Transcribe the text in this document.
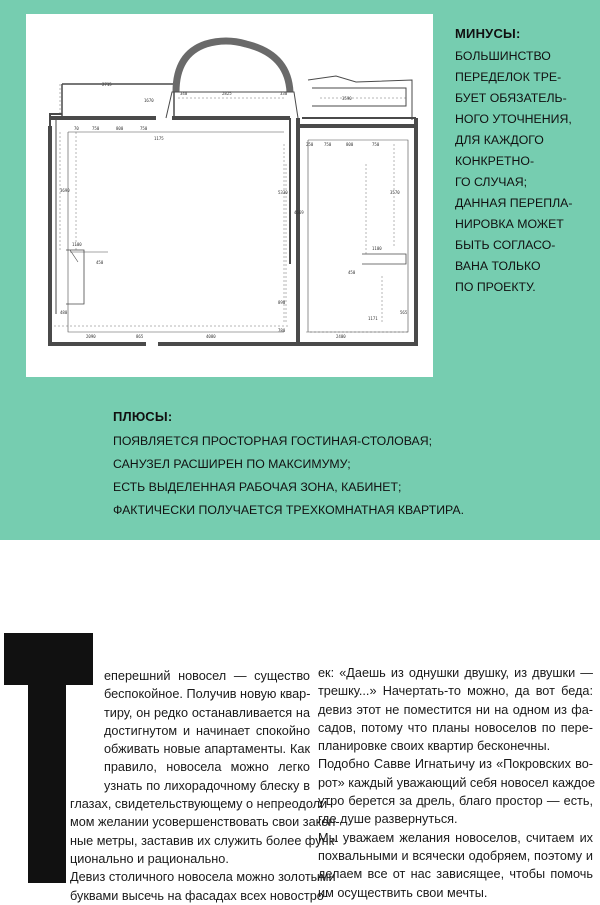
2715
1670
340	2825	330
3590
70	750	800	750
1175
250	750	800	750
3690	5330
4669
3570
1100
450
1100
450
480	565
890
780
1171
2090	865	4080	2400
МИНУСЫ:
БОЛЬШИНСТВО
ПЕРЕДЕЛОК ТРЕ-
БУЕТ ОБЯЗАТЕЛЬ-
НОГО УТОЧНЕНИЯ,
ДЛЯ КАЖДОГО
КОНКРЕТНО-
ГО СЛУЧАЯ;
ДАННАЯ ПЕРЕПЛА-
НИРОВКА МОЖЕТ
БЫТЬ СОГЛАСО-
ВАНА ТОЛЬКО
ПО ПРОЕКТУ.
ПЛЮСЫ:
ПОЯВЛЯЕТСЯ ПРОСТОРНАЯ ГОСТИНАЯ-СТОЛОВАЯ;
САНУЗЕЛ РАСШИРЕН ПО МАКСИМУМУ;
ЕСТЬ ВЫДЕЛЕННАЯ РАБОЧАЯ ЗОНА, КАБИНЕТ;
ФАКТИЧЕСКИ ПОЛУЧАЕТСЯ ТРЕХКОМНАТНАЯ КВАРТИРА.

еперешний новосел — существо
беспокойное. Получив новую квар-
тиру, он редко останавливается на
достигнутом и начинает спокойно
обживать новые апартаменты. Как
правило, новосела можно легко
узнать по лихорадочному блеску в
глазах, свидетельствующему о непреодоли-
мом желании усовершенствовать свои закон-
ные метры, заставив их служить более функ-
ционально и рационально.

Девиз столичного новосела можно золотыми
буквами высечь на фасадах всех новостро-

ек: «Даешь из однушки двушку, из двушки —
трешку...» Начертать-то можно, да вот беда:
девиз этот не поместится ни на одном из фа-
садов, потому что планы новоселов по пере-
планировке своих квартир бесконечны.

Подобно Савве Игнатьичу из «Покровских во-
рот» каждый уважающий себя новосел каждое
утро берется за дрель, благо простор — есть,
где душе развернуться.

Мы уважаем желания новоселов, считаем их
похвальными и всячески одобряем, поэтому и
делаем все от нас зависящее, чтобы помочь
им осуществить свои мечты.
